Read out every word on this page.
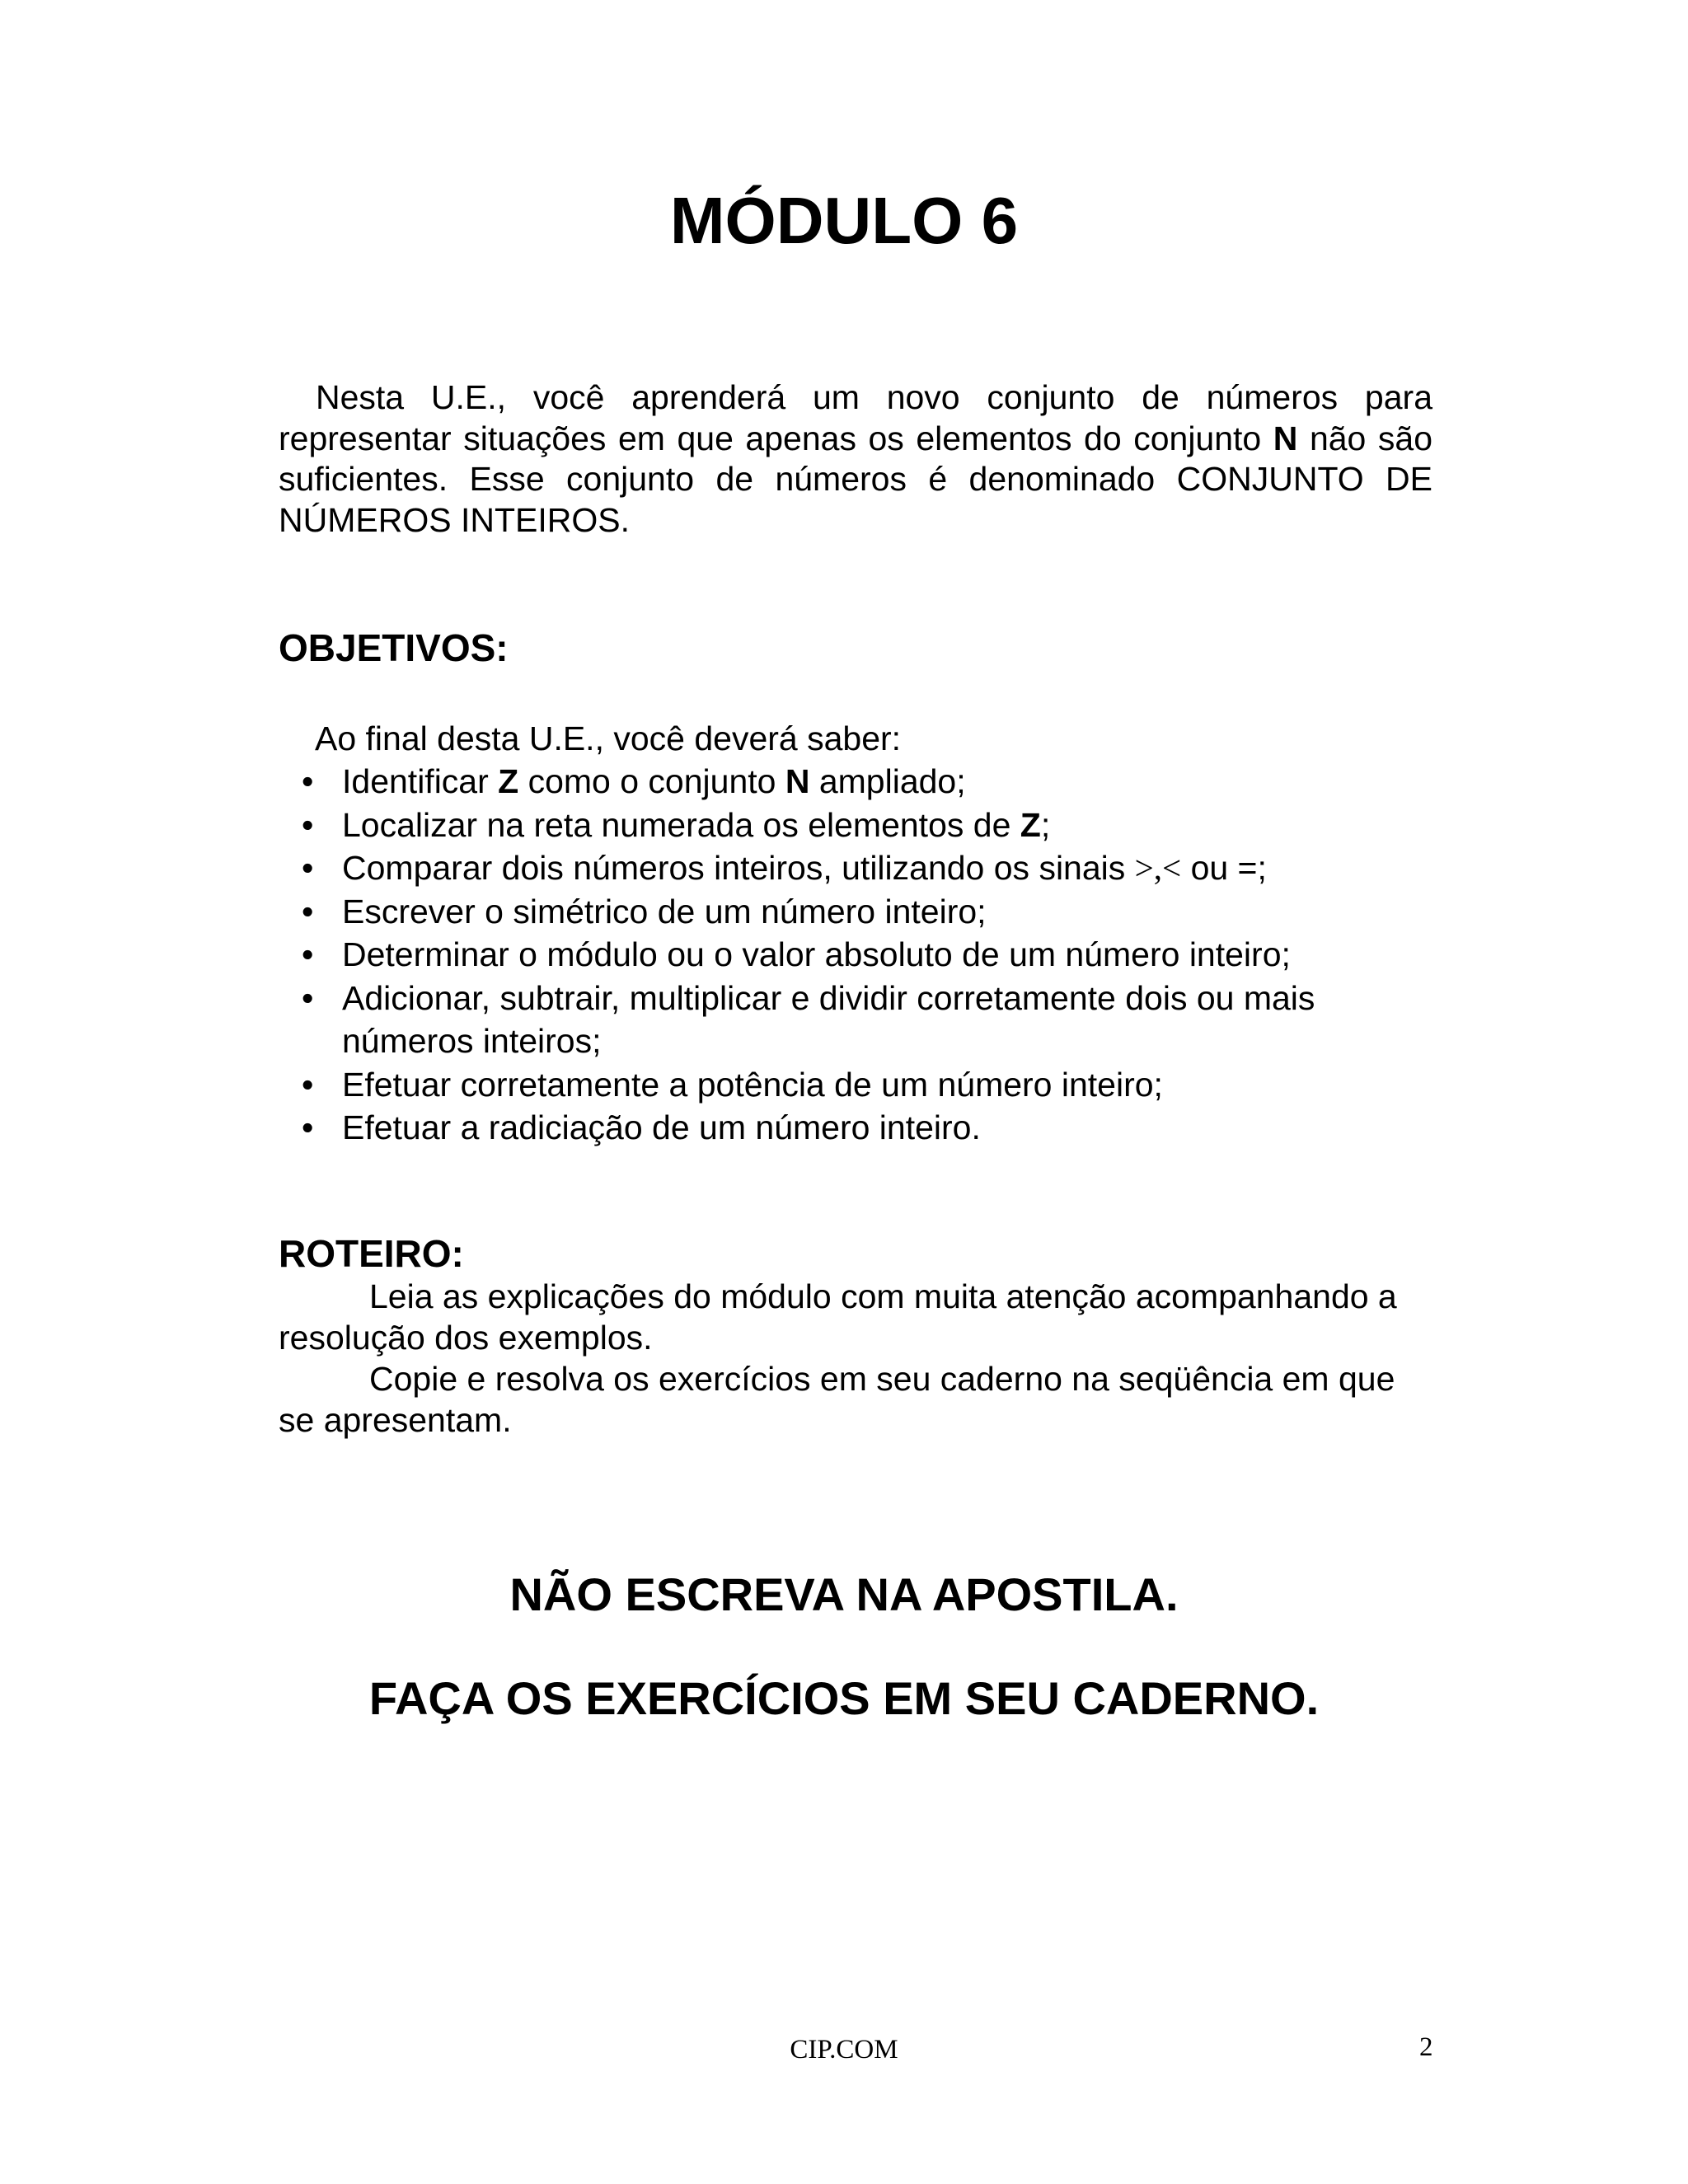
MÓDULO 6

Nesta U.E., você aprenderá um novo conjunto de números para representar situações em que apenas os elementos do conjunto N não são suficientes. Esse conjunto de números é denominado CONJUNTO DE NÚMEROS INTEIROS.

OBJETIVOS:

Ao final desta U.E., você deverá saber:

• Identificar Z como o conjunto N ampliado;
• Localizar na reta numerada os elementos de Z;
• Comparar dois números inteiros, utilizando os sinais >,< ou =;
• Escrever o simétrico de um número inteiro;
• Determinar o módulo ou o valor absoluto de um número inteiro;
• Adicionar, subtrair, multiplicar e dividir corretamente dois ou mais números inteiros;
• Efetuar corretamente a potência de um número inteiro;
• Efetuar a radiciação de um número inteiro.
ROTEIRO:

Leia as explicações do módulo com muita atenção acompanhando a resolução dos exemplos.

Copie e resolva os exercícios em seu caderno na seqüência em que se apresentam.

NÃO ESCREVA NA APOSTILA.

FAÇA OS EXERCÍCIOS EM SEU CADERNO.

CIP.COM	2
